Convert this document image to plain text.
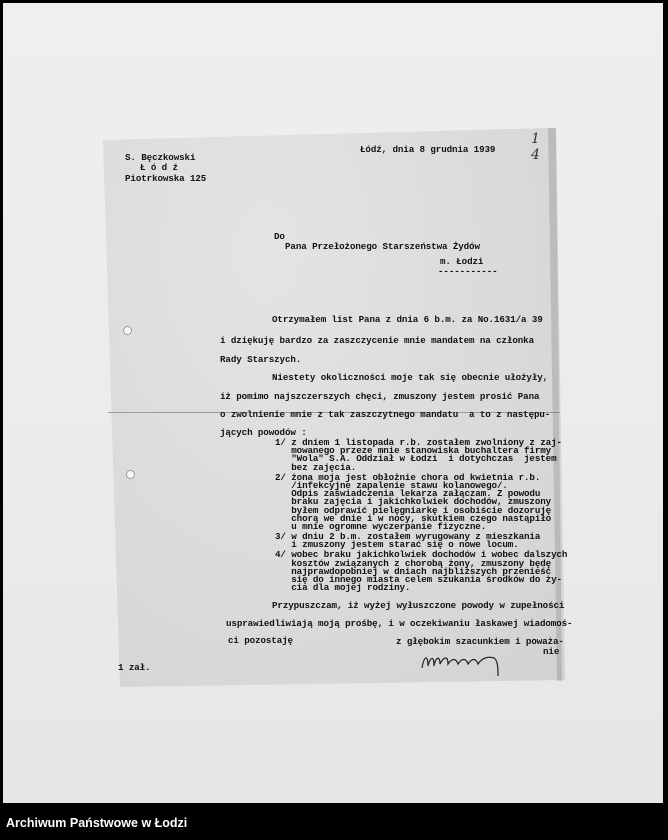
S. Bęczkowski
Ł ó d ź
Piotrkowska 125
Łódź, dnia 8 grudnia 1939
1
4
Do
Pana Przełożonego Starszeństwa Żydów
m. Łodzi
-----------
Otrzymałem list Pana z dnia 6 b.m. za No.1631/a 39
i dziękuję bardzo za zaszczycenie mnie mandatem na członka
Rady Starszych.
Niestety okoliczności moje tak się obecnie ułożyły,
iż pomimo najszczerszych chęci, zmuszony jestem prosić Pana
o zwolnienie mnie z tak zaszczytnego mandatu  a to z następu-
jących powodów :
1/ z dniem 1 listopada r.b. zostałem zwolniony z zaj-
mowanego przeze mnie stanowiska buchaltera firmy
"Wola" S.A. Oddział w Łodzi  i dotychczas  jestem
bez zajęcia.
2/ żona moja jest obłożnie chora od kwietnia r.b.
/infekcyjne zapalenie stawu kolanowego/.
Odpis zaświadczenia lekarza załączam. Z powodu
braku zajęcia i jakichkolwiek dochodów, zmuszony
byłem odprawić pielęgniarkę i osobiście dozoruję
chorą we dnie i w nocy, skutkiem czego nastąpiło
u mnie ogromne wyczerpanie fizyczne.
3/ w dniu 2 b.m. zostałem wyrugowany z mieszkania
i zmuszony jestem starać się o nowe locum.
4/ wobec braku jakichkolwiek dochodów i wobec dalszych
kosztów związanych z chorobą żony, zmuszony będę
najprawdopobniej w dniach najbliższych przenieść
się do innego miasta celem szukania środków do ży-
cia dla mojej rodziny.
Przypuszczam, iż wyżej wyłuszczone powody w zupełności
usprawiedliwiają moją prośbę, i w oczekiwaniu łaskawej wiadomoś-
ci pozostaję	z głębokim szacunkiem i poważa-
nie
1 zał.
Archiwum Państwowe w Łodzi
